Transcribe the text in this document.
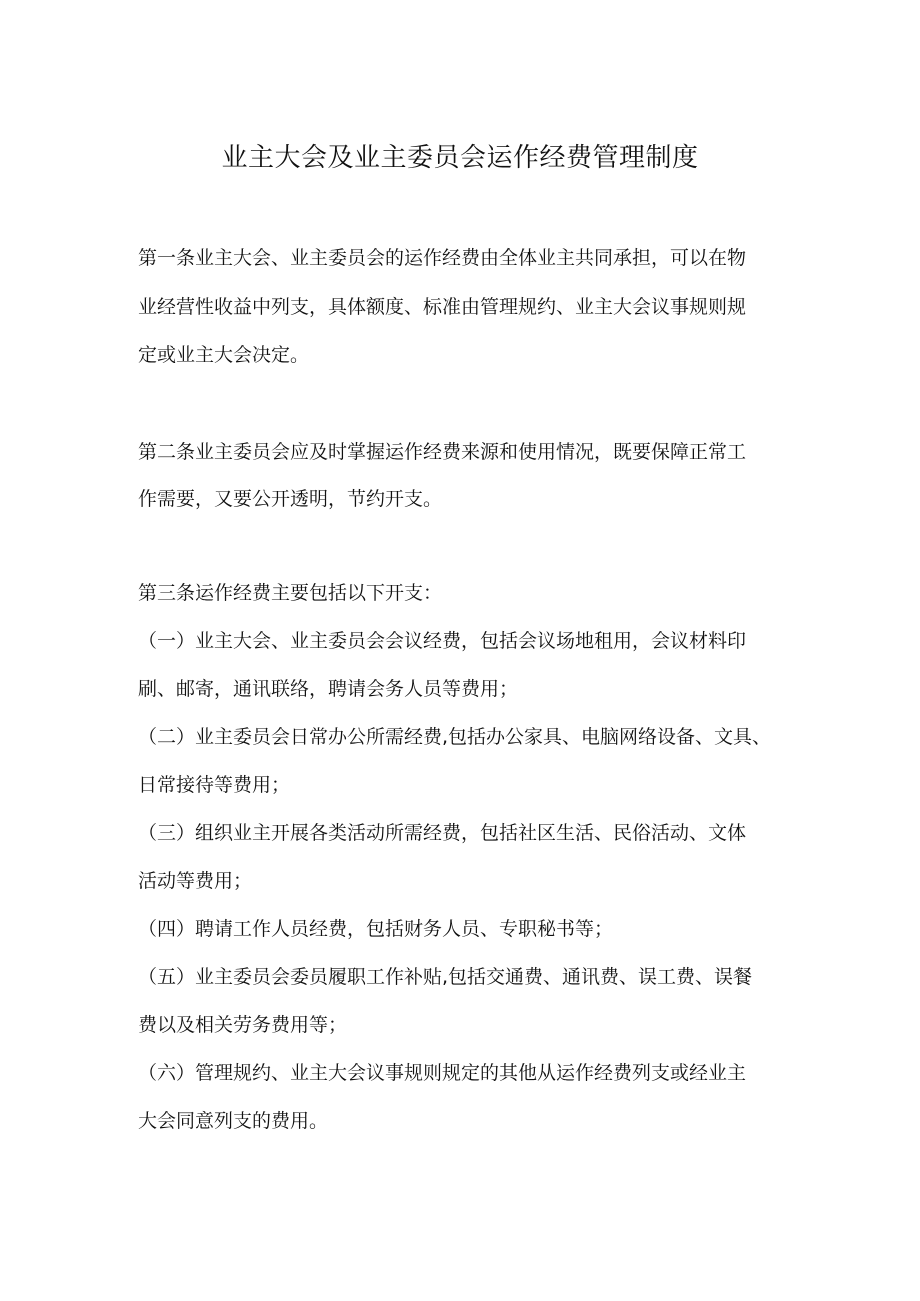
业主大会及业主委员会运作经费管理制度
第一条业主大会、业主委员会的运作经费由全体业主共同承担，可以在物
业经营性收益中列支，具体额度、标准由管理规约、业主大会议事规则规
定或业主大会决定。
第二条业主委员会应及时掌握运作经费来源和使用情况，既要保障正常工
作需要，又要公开透明，节约开支。
第三条运作经费主要包括以下开支：
（一）业主大会、业主委员会会议经费，包括会议场地租用，会议材料印
刷、邮寄，通讯联络，聘请会务人员等费用；
（二）业主委员会日常办公所需经费,包括办公家具、电脑网络设备、文具、
日常接待等费用；
（三）组织业主开展各类活动所需经费，包括社区生活、民俗活动、文体
活动等费用；
（四）聘请工作人员经费，包括财务人员、专职秘书等；
（五）业主委员会委员履职工作补贴,包括交通费、通讯费、误工费、误餐
费以及相关劳务费用等；
（六）管理规约、业主大会议事规则规定的其他从运作经费列支或经业主
大会同意列支的费用。
